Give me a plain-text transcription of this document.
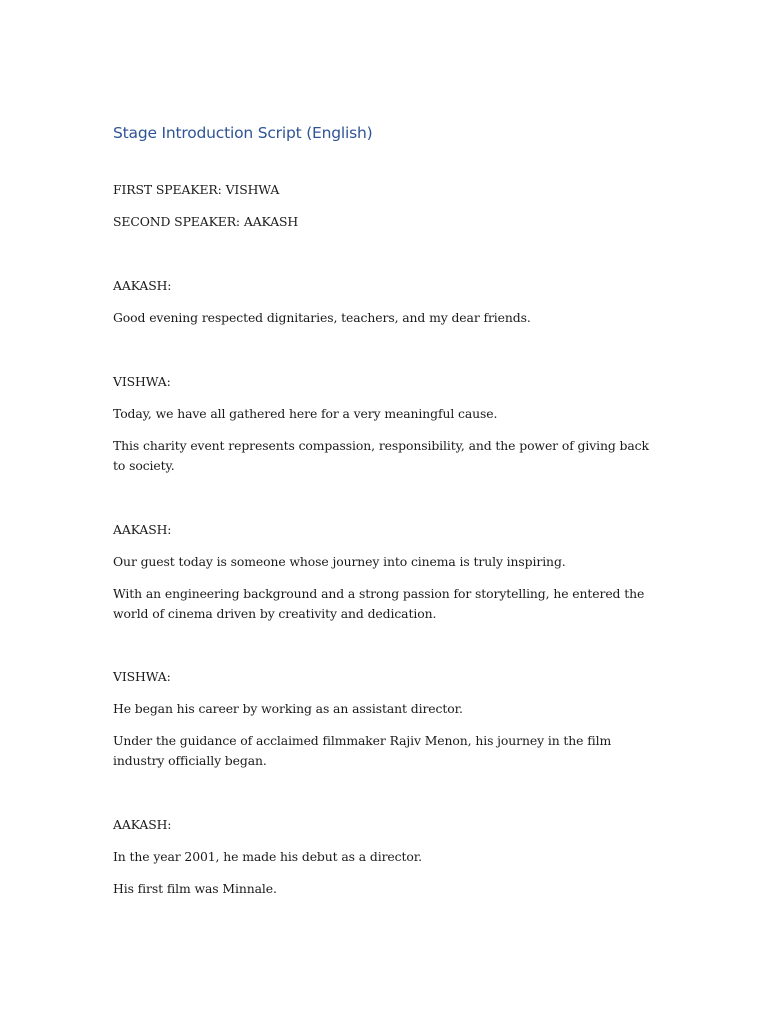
Stage Introduction Script (English)
FIRST SPEAKER: VISHWA
SECOND SPEAKER: AAKASH
AAKASH:
Good evening respected dignitaries, teachers, and my dear friends.
VISHWA:
Today, we have all gathered here for a very meaningful cause.
This charity event represents compassion, responsibility, and the power of giving back to society.
AAKASH:
Our guest today is someone whose journey into cinema is truly inspiring.
With an engineering background and a strong passion for storytelling, he entered the world of cinema driven by creativity and dedication.
VISHWA:
He began his career by working as an assistant director.
Under the guidance of acclaimed filmmaker Rajiv Menon, his journey in the film industry officially began.
AAKASH:
In the year 2001, he made his debut as a director.
His first film was Minnale.
